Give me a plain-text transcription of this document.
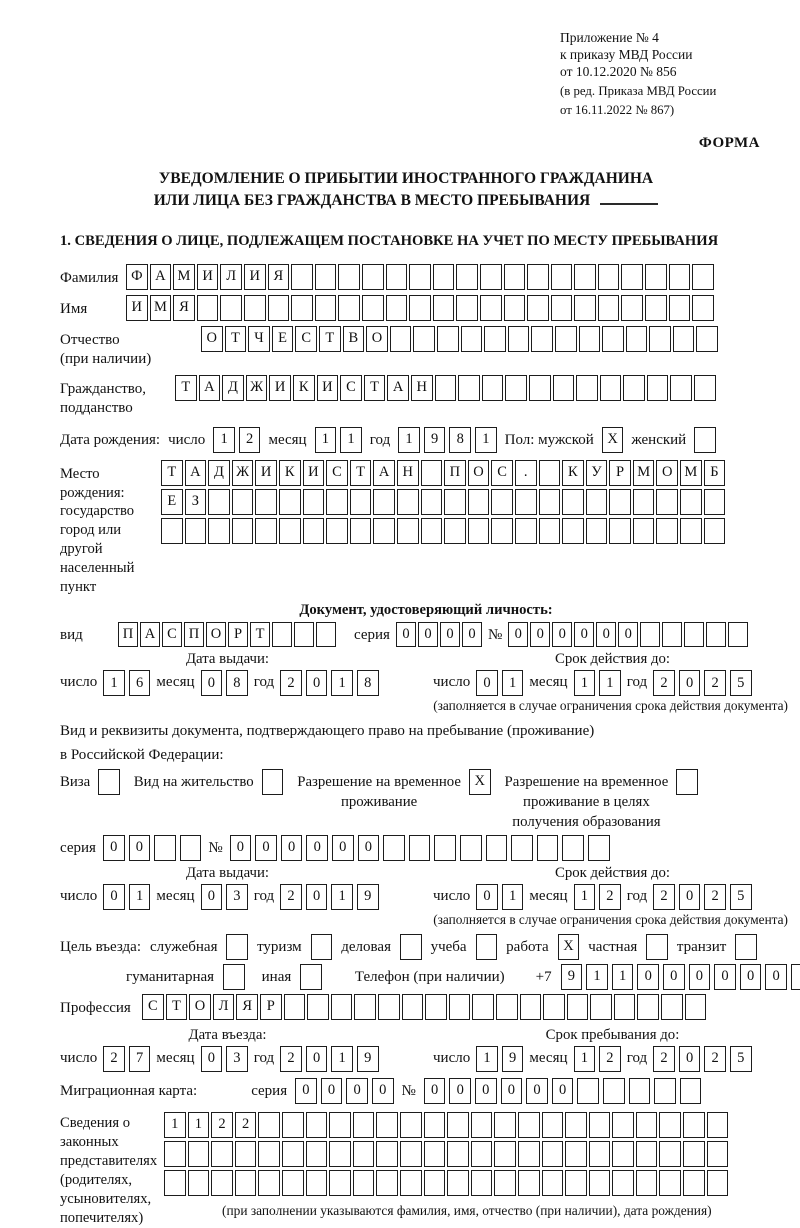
Приложение № 4
к приказу МВД России
от 10.12.2020 № 856
(в ред. Приказа МВД России
от 16.11.2022 № 867)
ФОРМА
УВЕДОМЛЕНИЕ О ПРИБЫТИИ ИНОСТРАННОГО ГРАЖДАНИНА
ИЛИ ЛИЦА БЕЗ ГРАЖДАНСТВА В МЕСТО ПРЕБЫВАНИЯ
1. СВЕДЕНИЯ О ЛИЦЕ, ПОДЛЕЖАЩЕМ ПОСТАНОВКЕ НА УЧЕТ ПО МЕСТУ ПРЕБЫВАНИЯ
Фамилия Ф А М И Л И Я
Имя	И М Я
Отчество
(при наличии)
О Т Ч Е С Т В О
Гражданство,
подданство
Т А Д Ж И К И С Т А Н
Дата рождения: число	1	2	месяц	1	1	год	1	9	8	1	Пол: мужской X женский
Место рождения:
государство
город или другой
населенный пункт
Т А Д Ж И К И С Т А Н	П О С	.	К У Р М О М Б
Е	З
Документ, удостоверяющий личность:
вид	П А С П О Р Т	серия 0	0	0	0 № 0	0	0	0	0	0
Дата выдачи:
число 1	6 месяц 0	8 год 2	0	1	8
Срок действия до:
число 0	1 месяц 1	1 год 2	0	2	5
(заполняется в случае ограничения срока действия документа)
Вид и реквизиты документа, подтверждающего право на пребывание (проживание)
в Российской Федерации:
Виза	Вид на жительство	Разрешение на временное
проживание
X	Разрешение на временное
проживание в целях
получения образования
серия 0	0	№ 0	0	0	0	0	0
Дата выдачи:
число 0	1 месяц 0	3 год 2	0	1	9
Срок действия до:
число 0	1 месяц 1	2 год 2	0	2	5
(заполняется в случае ограничения срока действия документа)
Цель въезда: служебная	туризм	деловая	учеба	работа	X частная	транзит
гуманитарная	иная	Телефон (при наличии) +7	9	1	1	0	0	0	0	0	0
Профессия	С Т О Л Я	Р
Дата въезда:
число 2	7 месяц 0	3 год 2	0	1	9
Срок пребывания до:
число 1	9 месяц 1	2 год 2	0	2	5
Миграционная карта:	серия	0	0	0	0	№	0	0	0	0	0	0
Сведения о
законных
представителях
(родителях,
усыновителях,
попечителях)
1	1	2	2
(при заполнении указываются фамилия, имя, отчество (при наличии), дата рождения)
